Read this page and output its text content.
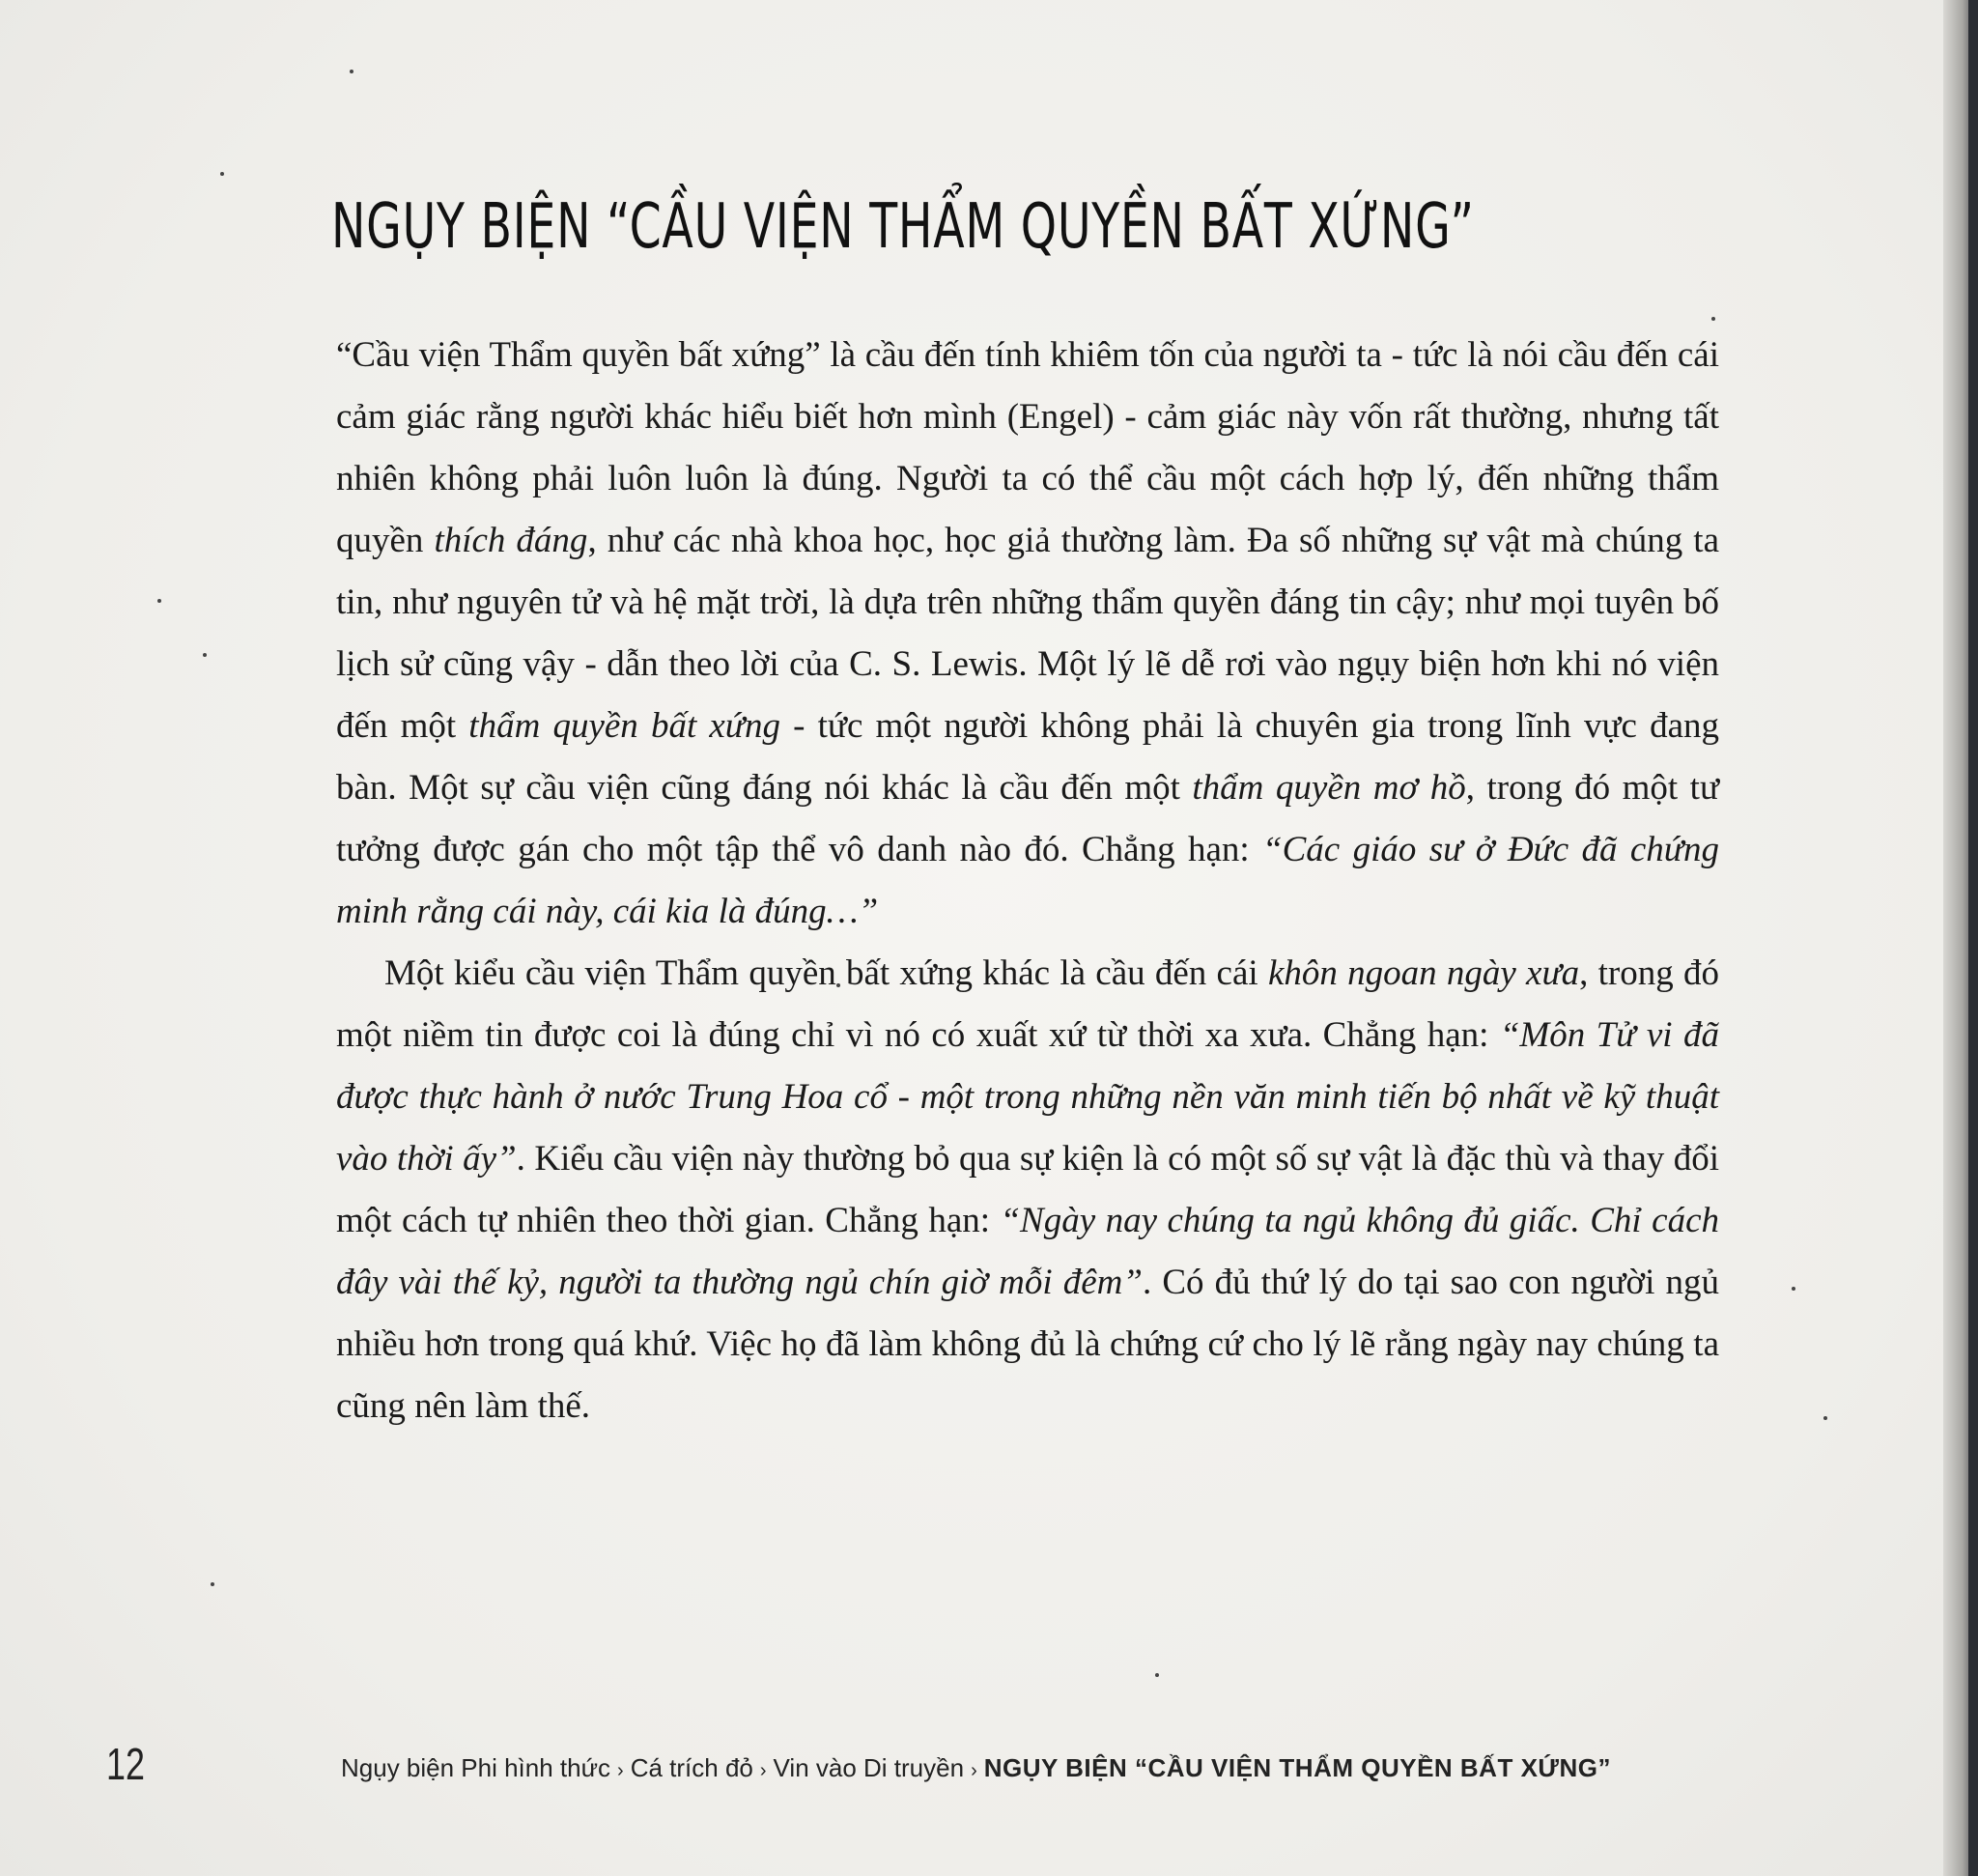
NGỤY BIỆN “CẦU VIỆN THẨM QUYỀN BẤT XỨNG”

“Cầu viện Thẩm quyền bất xứng” là cầu đến tính khiêm tốn của người ta - tức là nói cầu đến cái cảm giác rằng người khác hiểu biết hơn mình (Engel) - cảm giác này vốn rất thường, nhưng tất nhiên không phải luôn luôn là đúng. Người ta có thể cầu một cách hợp lý, đến những thẩm quyền thích đáng, như các nhà khoa học, học giả thường làm. Đa số những sự vật mà chúng ta tin, như nguyên tử và hệ mặt trời, là dựa trên những thẩm quyền đáng tin cậy; như mọi tuyên bố lịch sử cũng vậy - dẫn theo lời của C. S. Lewis. Một lý lẽ dễ rơi vào ngụy biện hơn khi nó viện đến một thẩm quyền bất xứng - tức một người không phải là chuyên gia trong lĩnh vực đang bàn. Một sự cầu viện cũng đáng nói khác là cầu đến một thẩm quyền mơ hồ, trong đó một tư tưởng được gán cho một tập thể vô danh nào đó. Chẳng hạn: “Các giáo sư ở Đức đã chứng minh rằng cái này, cái kia là đúng…”

Một kiểu cầu viện Thẩm quyền bất xứng khác là cầu đến cái khôn ngoan ngày xưa, trong đó một niềm tin được coi là đúng chỉ vì nó có xuất xứ từ thời xa xưa. Chẳng hạn: “Môn Tử vi đã được thực hành ở nước Trung Hoa cổ - một trong những nền văn minh tiến bộ nhất về kỹ thuật vào thời ấy”. Kiểu cầu viện này thường bỏ qua sự kiện là có một số sự vật là đặc thù và thay đổi một cách tự nhiên theo thời gian. Chẳng hạn: “Ngày nay chúng ta ngủ không đủ giấc. Chỉ cách đây vài thế kỷ, người ta thường ngủ chín giờ mỗi đêm”. Có đủ thứ lý do tại sao con người ngủ nhiều hơn trong quá khứ. Việc họ đã làm không đủ là chứng cứ cho lý lẽ rằng ngày nay chúng ta cũng nên làm thế.

12	Ngụy biện Phi hình thức › Cá trích đỏ › Vin vào Di truyền › NGỤY BIỆN “CẦU VIỆN THẨM QUYỀN BẤT XỨNG”
